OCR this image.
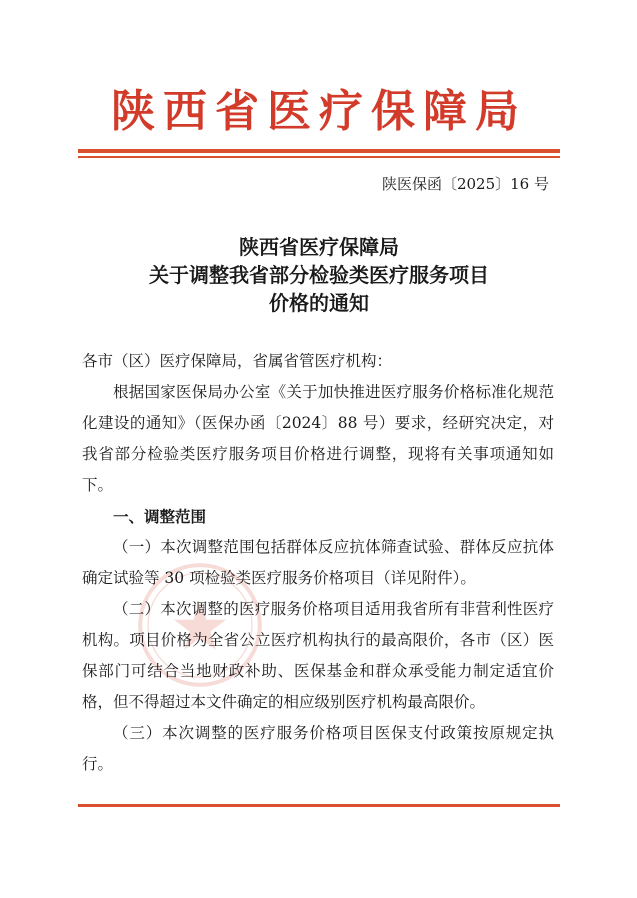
陕西省医疗保障局
陕医保函〔2025〕16 号
陕西省医疗保障局
关于调整我省部分检验类医疗服务项目
价格的通知

各市（区）医疗保障局，省属省管医疗机构：

根据国家医保局办公室《关于加快推进医疗服务价格标准化规范化建设的通知》（医保办函〔2024〕88 号）要求，经研究决定，对我省部分检验类医疗服务项目价格进行调整，现将有关事项通知如下。

一、调整范围

（一）本次调整范围包括群体反应抗体筛查试验、群体反应抗体确定试验等 30 项检验类医疗服务价格项目（详见附件）。

（二）本次调整的医疗服务价格项目适用我省所有非营利性医疗机构。项目价格为全省公立医疗机构执行的最高限价，各市（区）医保部门可结合当地财政补助、医保基金和群众承受能力制定适宜价格，但不得超过本文件确定的相应级别医疗机构最高限价。

（三）本次调整的医疗服务价格项目医保支付政策按原规定执行。
